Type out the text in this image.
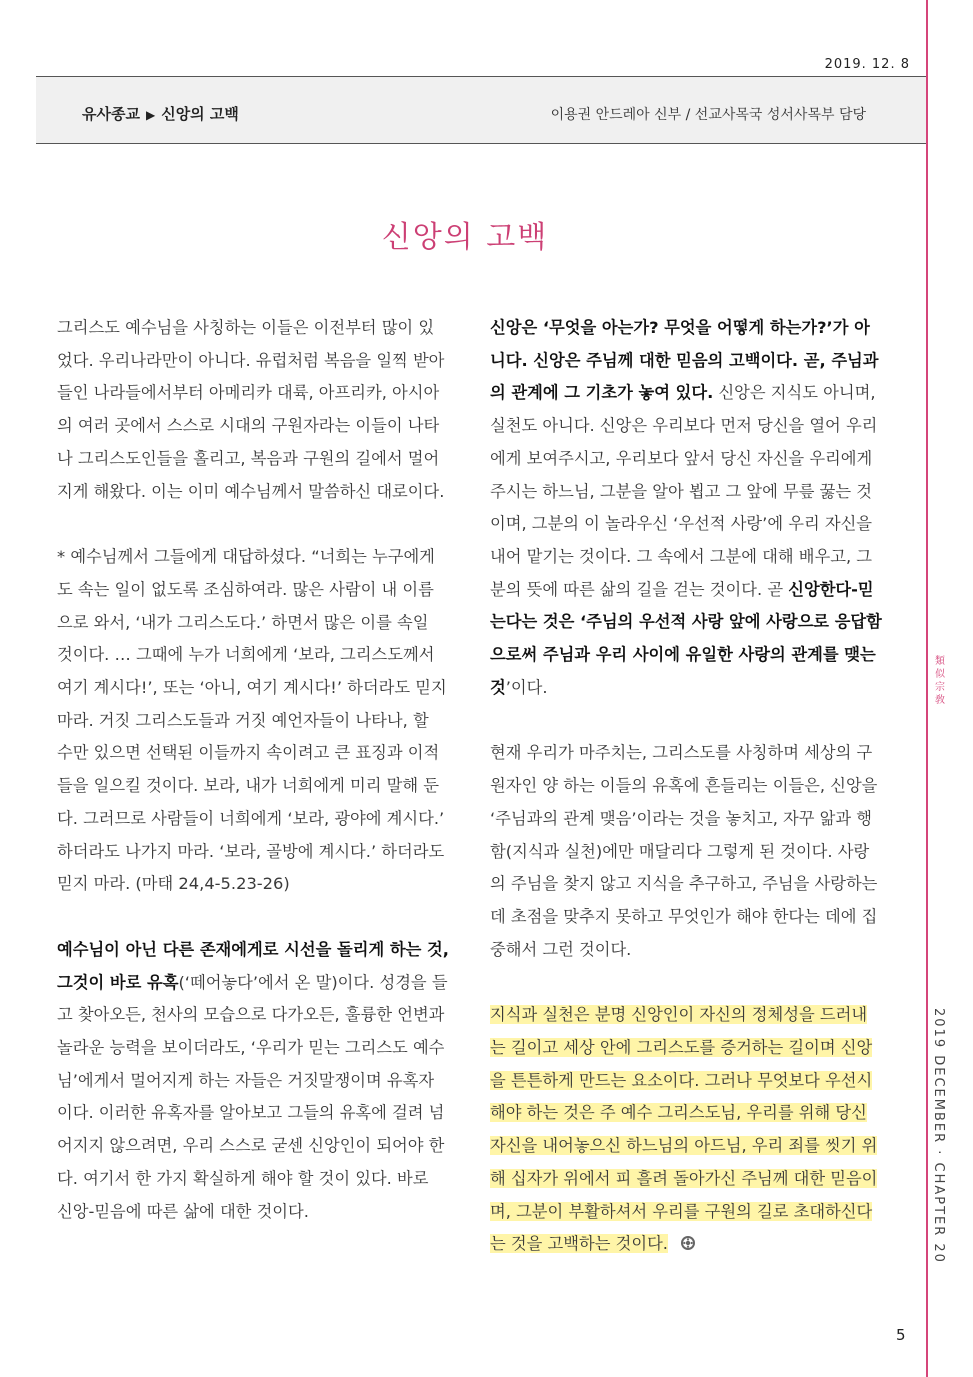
2019. 12. 8
유사종교 ▶ 신앙의 고백	이용권 안드레아 신부 / 선교사목국 성서사목부 담당
신앙의 고백

그리스도 예수님을 사칭하는 이들은 이전부터 많이 있었다. 우리나라만이 아니다. 유럽처럼 복음을 일찍 받아들인 나라들에서부터 아메리카 대륙, 아프리카, 아시아의 여러 곳에서 스스로 시대의 구원자라는 이들이 나타나 그리스도인들을 홀리고, 복음과 구원의 길에서 멀어지게 해왔다. 이는 이미 예수님께서 말씀하신 대로이다.

* 예수님께서 그들에게 대답하셨다. “너희는 누구에게도 속는 일이 없도록 조심하여라. 많은 사람이 내 이름으로 와서, ‘내가 그리스도다.’ 하면서 많은 이를 속일 것이다. … 그때에 누가 너희에게 ‘보라, 그리스도께서 여기 계시다!’, 또는 ‘아니, 여기 계시다!’ 하더라도 믿지 마라. 거짓 그리스도들과 거짓 예언자들이 나타나, 할 수만 있으면 선택된 이들까지 속이려고 큰 표징과 이적들을 일으킬 것이다. 보라, 내가 너희에게 미리 말해 둔다. 그러므로 사람들이 너희에게 ‘보라, 광야에 계시다.’ 하더라도 나가지 마라. ‘보라, 골방에 계시다.’ 하더라도 믿지 마라. (마태 24,4-5.23-26)

예수님이 아닌 다른 존재에게로 시선을 돌리게 하는 것, 그것이 바로 유혹(‘떼어놓다’에서 온 말)이다. 성경을 들고 찾아오든, 천사의 모습으로 다가오든, 훌륭한 언변과 놀라운 능력을 보이더라도, ‘우리가 믿는 그리스도 예수님’에게서 멀어지게 하는 자들은 거짓말쟁이며 유혹자이다. 이러한 유혹자를 알아보고 그들의 유혹에 걸려 넘어지지 않으려면, 우리 스스로 굳센 신앙인이 되어야 한다. 여기서 한 가지 확실하게 해야 할 것이 있다. 바로 신앙-믿음에 따른 삶에 대한 것이다.

신앙은 ‘무엇을 아는가? 무엇을 어떻게 하는가?’가 아니다. 신앙은 주님께 대한 믿음의 고백이다. 곧, 주님과의 관계에 그 기초가 놓여 있다. 신앙은 지식도 아니며, 실천도 아니다. 신앙은 우리보다 먼저 당신을 열어 우리에게 보여주시고, 우리보다 앞서 당신 자신을 우리에게 주시는 하느님, 그분을 알아 뵙고 그 앞에 무릎 꿇는 것이며, 그분의 이 놀라우신 ‘우선적 사랑’에 우리 자신을 내어 맡기는 것이다. 그 속에서 그분에 대해 배우고, 그분의 뜻에 따른 삶의 길을 걷는 것이다. 곧 신앙한다-믿는다는 것은 ‘주님의 우선적 사랑 앞에 사랑으로 응답함으로써 주님과 우리 사이에 유일한 사랑의 관계를 맺는 것’이다.

현재 우리가 마주치는, 그리스도를 사칭하며 세상의 구원자인 양 하는 이들의 유혹에 흔들리는 이들은, 신앙을 ‘주님과의 관계 맺음’이라는 것을 놓치고, 자꾸 앎과 행함(지식과 실천)에만 매달리다 그렇게 된 것이다. 사랑의 주님을 찾지 않고 지식을 추구하고, 주님을 사랑하는 데 초점을 맞추지 못하고 무엇인가 해야 한다는 데에 집중해서 그런 것이다.

지식과 실천은 분명 신앙인이 자신의 정체성을 드러내는 길이고 세상 안에 그리스도를 증거하는 길이며 신앙을 튼튼하게 만드는 요소이다. 그러나 무엇보다 우선시 해야 하는 것은 주 예수 그리스도님, 우리를 위해 당신 자신을 내어놓으신 하느님의 아드님, 우리 죄를 씻기 위해 십자가 위에서 피 흘려 돌아가신 주님께 대한 믿음이며, 그분이 부활하셔서 우리를 구원의 길로 초대하신다는 것을 고백하는 것이다.

類
似
宗
敎
2019 DECEMBER · CHAPTER 20
5
